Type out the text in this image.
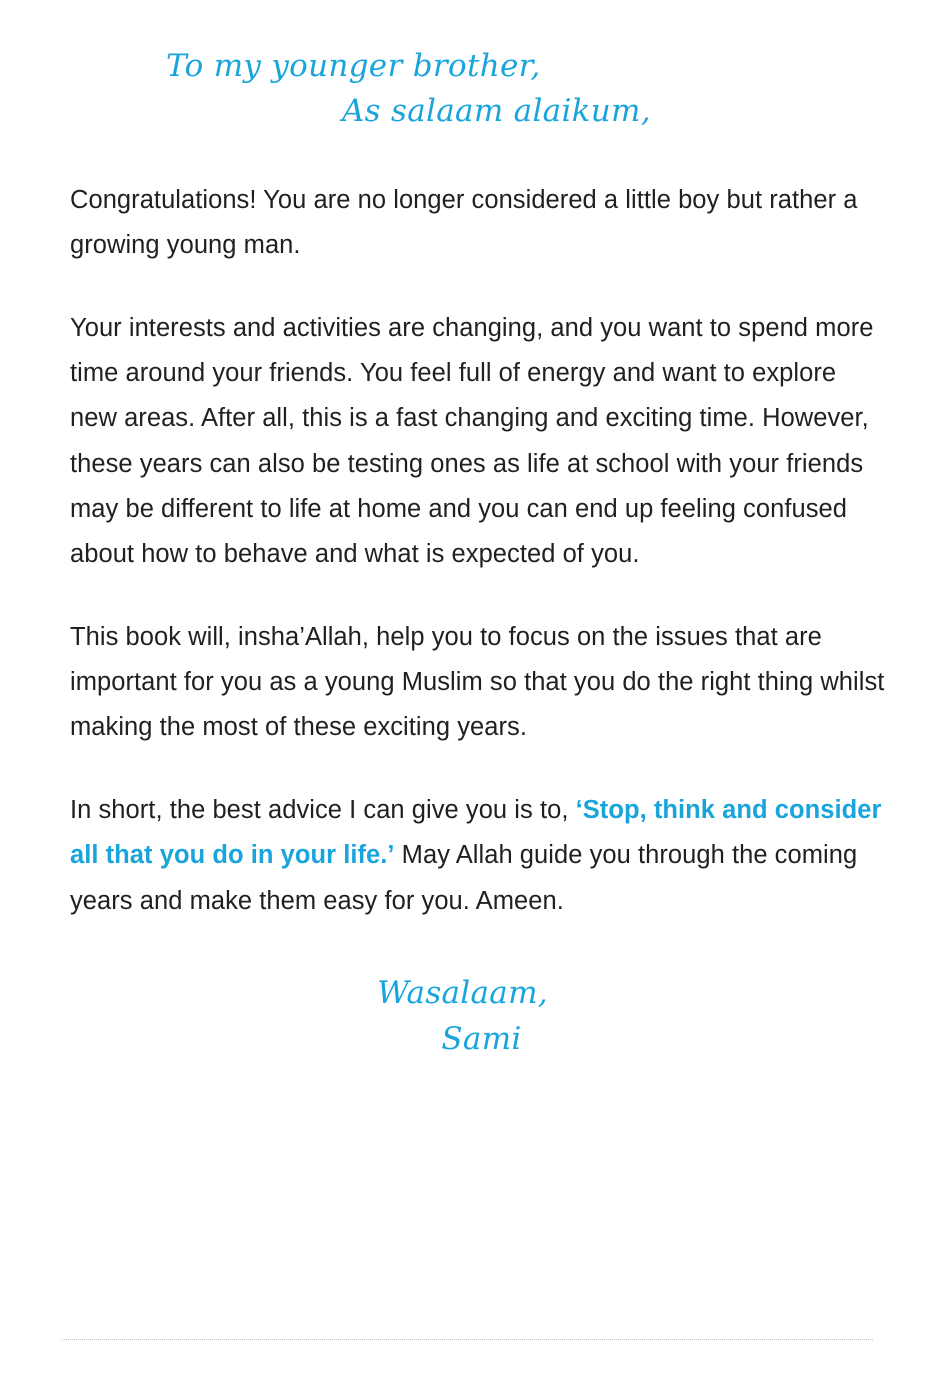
To my younger brother,
As salaam alaikum,

Congratulations! You are no longer considered a little boy but rather a growing young man.

Your interests and activities are changing, and you want to spend more time around your friends. You feel full of energy and want to explore new areas. After all, this is a fast changing and exciting time. However, these years can also be testing ones as life at school with your friends may be different to life at home and you can end up feeling confused about how to behave and what is expected of you.

This book will, insha’Allah, help you to focus on the issues that are important for you as a young Muslim so that you do the right thing whilst making the most of these exciting years.

In short, the best advice I can give you is to, ‘Stop, think and consider all that you do in your life.’ May Allah guide you through the coming years and make them easy for you. Ameen.

Wasalaam,
Sami
